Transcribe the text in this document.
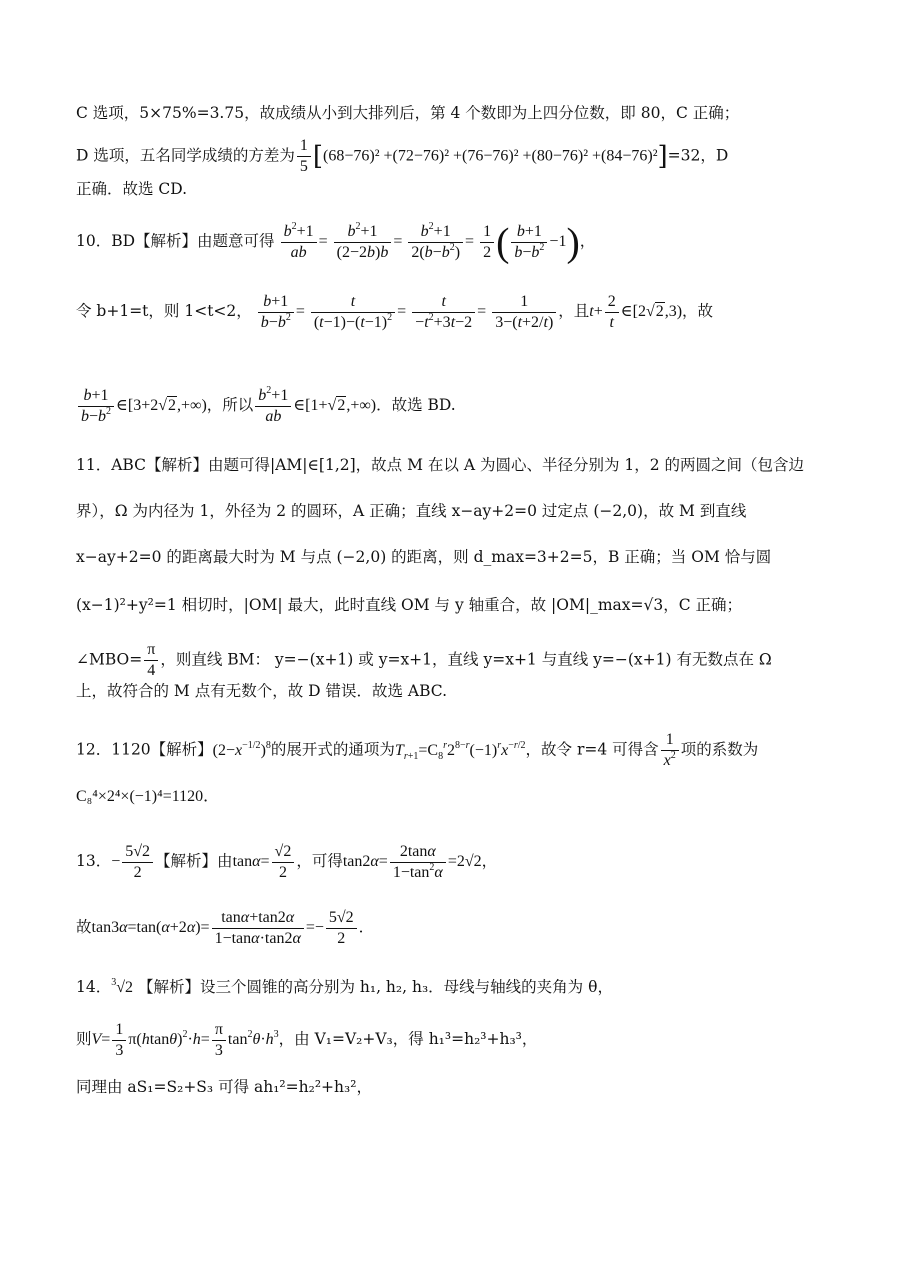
C 选项，5×75%=3.75，故成绩从小到大排列后，第 4 个数即为上四分位数，即 80，C 正确；
D 选项，五名同学成绩的方差为 $\frac{1}{5} [(68-76)^2 +(72-76)^2 +(76-76)^2 +(80-76)^2 +(84-76)^2]=32$，D
正确．故选 CD.
10．BD【解析】由题意可得 $\frac{b^2+1}{ab} = \frac{b^2+1}{(2-2b)b} = \frac{b^2+1}{2(b-b^2)} = \frac{1}{2}$ ( $\frac{b+1}{b-b^2} -1$)，
令 b+1=t，则 1<t<2， $\frac{b+1}{b-b^2} = \frac{t}{(t-1)-(t-1)^2} = \frac{t}{-t^2+3t-2} = \frac{1}{3-(t+2/t)}$ ，且$t+ \frac{2}{t}$ ∈[2√2,3)，故
$\frac{b+1}{b-b^2}$ ∈[3+2√2,+∞)，所以 $\frac{b^2+1}{ab}$ ∈[1+√2,+∞)．故选 BD.
11．ABC【解析】由题可得|AM|∈[1,2]，故点 M 在以 A 为圆心、半径分别为 1，2 的两圆之间（包含边
界），Ω 为内径为 1，外径为 2 的圆环，A 正确；直线 x−ay+2=0 过定点 (−2,0)，故 M 到直线
x−ay+2=0 的距离最大时为 M 与点 (−2,0) 的距离，则 d_max=3+2=5，B 正确；当 OM 恰与圆
(x−1)²+y²=1 相切时，|OM| 最大，此时直线 OM 与 y 轴重合，故 |OM|_max=√3，C 正确；
∠MBO= $\frac{\pi}{4}$ ，则直线 BM： y=−(x+1) 或 y=x+1，直线 y=x+1 与直线 y=−(x+1) 有无数点在 Ω
上，故符合的 M 点有无数个，故 D 错误．故选 ABC.
12．1120【解析】$(2-x^{-1/2})^8$的展开式的通项为$T_{r+1}=C_8^r2^{8-r}(-1)^rx^{-r/2}$，故令 r=4 可得含 $\frac{1}{x^2}$ 项的系数为
C₈⁴×2⁴×(−1)⁴=1120．
13．− $\frac{5√2}{2}$ 【解析】由$\tan\alpha= \frac{√2}{2}$ ，可得$\tan 2\alpha= \frac{2\tan\alpha}{1-\tan^2\alpha} =2√2$，
故$\tan 3\alpha=\tan(\alpha+2\alpha)= \frac{\tan\alpha+\tan 2\alpha}{1-\tan\alpha\cdot\tan 2\alpha} =- \frac{5√2}{2}$ ．
14．$^3$√2 【解析】设三个圆锥的高分别为 h₁, h₂, h₃．母线与轴线的夹角为 θ，
则$V= \frac{1}{3} \pi(htan\theta)^2\cdot h= \frac{\pi}{3} \tan^2\theta\cdot h^3$，由 V₁=V₂+V₃，得 h₁³=h₂³+h₃³，
同理由 aS₁=S₂+S₃ 可得 ah₁²=h₂²+h₃²，
